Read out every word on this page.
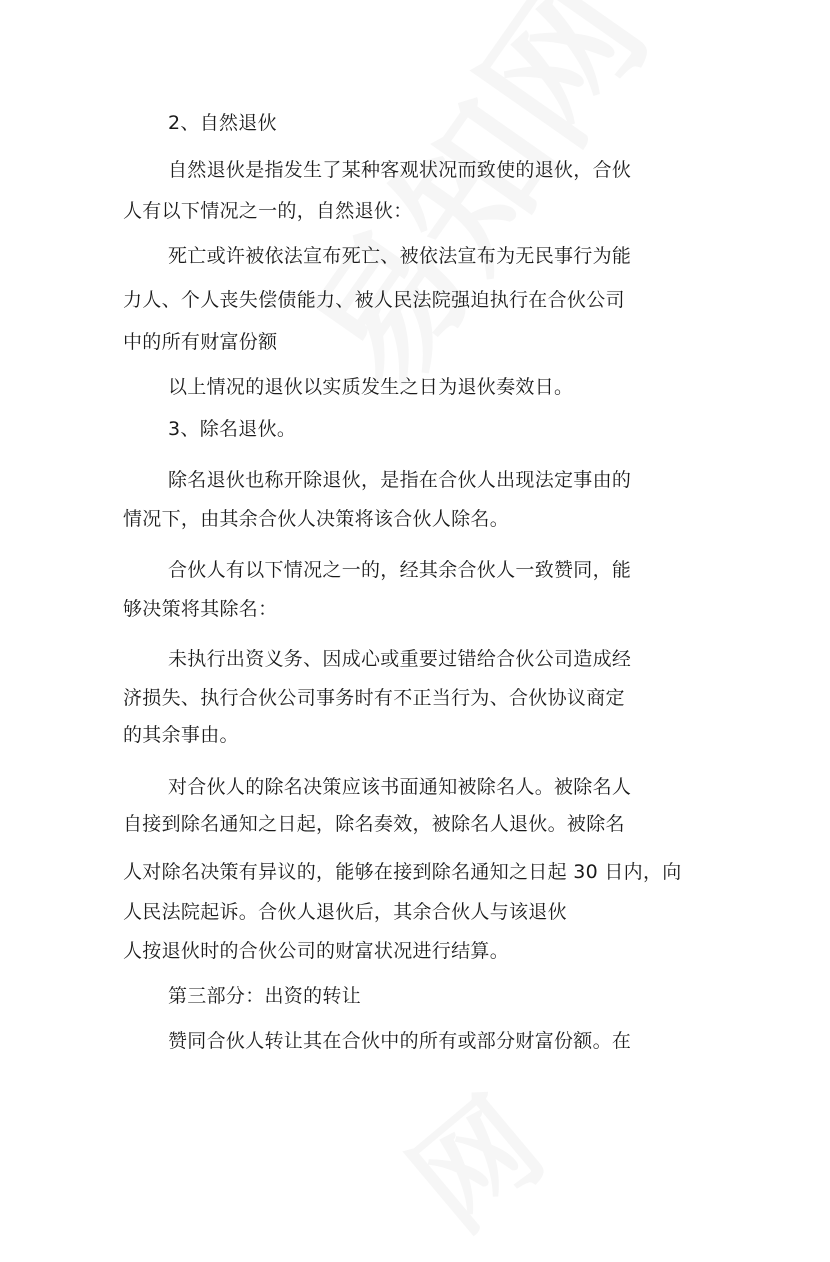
2、自然退伙
自然退伙是指发生了某种客观状况而致使的退伙，合伙
人有以下情况之一的，自然退伙：
死亡或许被依法宣布死亡、被依法宣布为无民事行为能
力人、个人丧失偿债能力、被人民法院强迫执行在合伙公司
中的所有财富份额
以上情况的退伙以实质发生之日为退伙奏效日。
3、除名退伙。
除名退伙也称开除退伙，是指在合伙人出现法定事由的
情况下，由其余合伙人决策将该合伙人除名。
合伙人有以下情况之一的，经其余合伙人一致赞同，能
够决策将其除名：
未执行出资义务、因成心或重要过错给合伙公司造成经
济损失、执行合伙公司事务时有不正当行为、合伙协议商定
的其余事由。
对合伙人的除名决策应该书面通知被除名人。被除名人
自接到除名通知之日起，除名奏效，被除名人退伙。被除名
人对除名决策有异议的，能够在接到除名通知之日起 30 日内，向
人民法院起诉。合伙人退伙后，其余合伙人与该退伙
人按退伙时的合伙公司的财富状况进行结算。
第三部分：出资的转让
赞同合伙人转让其在合伙中的所有或部分财富份额。在
